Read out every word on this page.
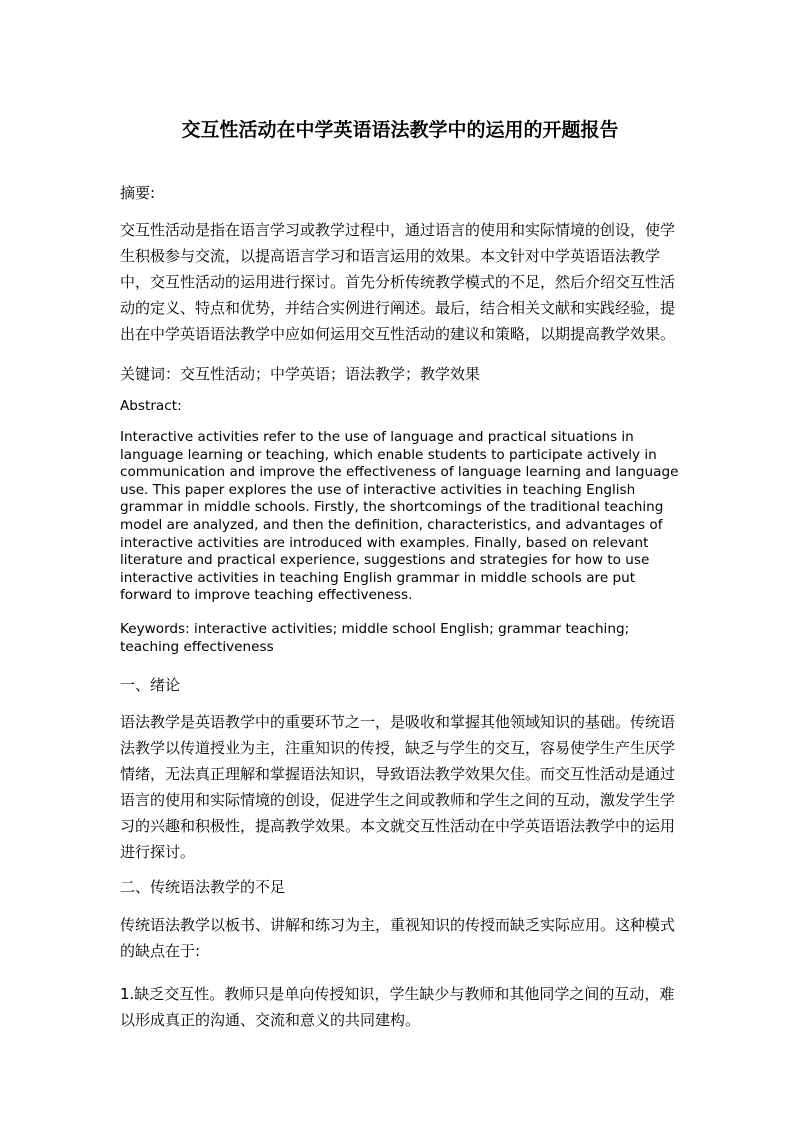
交互性活动在中学英语语法教学中的运用的开题报告

摘要:

交互性活动是指在语言学习或教学过程中，通过语言的使用和实际情境的创设，使学生积极参与交流，以提高语言学习和语言运用的效果。本文针对中学英语语法教学中，交互性活动的运用进行探讨。首先分析传统教学模式的不足，然后介绍交互性活动的定义、特点和优势，并结合实例进行阐述。最后，结合相关文献和实践经验，提出在中学英语语法教学中应如何运用交互性活动的建议和策略，以期提高教学效果。

关键词：交互性活动；中学英语；语法教学；教学效果

Abstract:

Interactive activities refer to the use of language and practical situations in language learning or teaching, which enable students to participate actively in communication and improve the effectiveness of language learning and language use. This paper explores the use of interactive activities in teaching English grammar in middle schools. Firstly, the shortcomings of the traditional teaching model are analyzed, and then the definition, characteristics, and advantages of interactive activities are introduced with examples. Finally, based on relevant literature and practical experience, suggestions and strategies for how to use interactive activities in teaching English grammar in middle schools are put forward to improve teaching effectiveness.

Keywords: interactive activities; middle school English; grammar teaching; teaching effectiveness

一、绪论

语法教学是英语教学中的重要环节之一，是吸收和掌握其他领域知识的基础。传统语法教学以传道授业为主，注重知识的传授，缺乏与学生的交互，容易使学生产生厌学情绪，无法真正理解和掌握语法知识，导致语法教学效果欠佳。而交互性活动是通过语言的使用和实际情境的创设，促进学生之间或教师和学生之间的互动，激发学生学习的兴趣和积极性，提高教学效果。本文就交互性活动在中学英语语法教学中的运用进行探讨。

二、传统语法教学的不足

传统语法教学以板书、讲解和练习为主，重视知识的传授而缺乏实际应用。这种模式的缺点在于:

1.缺乏交互性。教师只是单向传授知识，学生缺少与教师和其他同学之间的互动，难以形成真正的沟通、交流和意义的共同建构。
